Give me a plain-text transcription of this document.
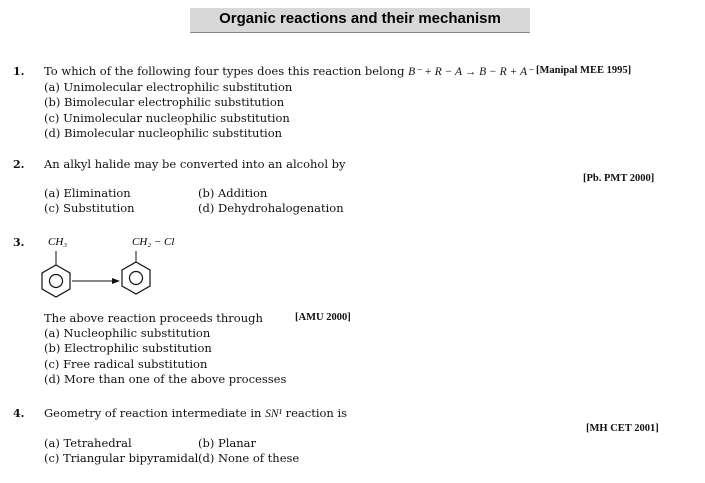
Organic reactions and their mechanism
1. To which of the following four types does this reaction belong B⁻ + R − A → B − R + A⁻ [Manipal MEE 1995]
(a) Unimolecular electrophilic substitution
(b) Bimolecular electrophilic substitution
(c) Unimolecular nucleophilic substitution
(d) Bimolecular nucleophilic substitution
2. An alkyl halide may be converted into an alcohol by
[Pb. PMT 2000]
(a) Elimination	(b) Addition
(c) Substitution	(d) Dehydrohalogenation
3. CH₃	CH₂ − Cl
The above reaction proceeds through	[AMU 2000]
(a) Nucleophilic substitution
(b) Electrophilic substitution
(c) Free radical substitution
(d) More than one of the above processes
4. Geometry of reaction intermediate in SN¹ reaction is
[MH CET 2001]
(a) Tetrahedral	(b) Planar
(c) Triangular bipyramidal (d) None of these
